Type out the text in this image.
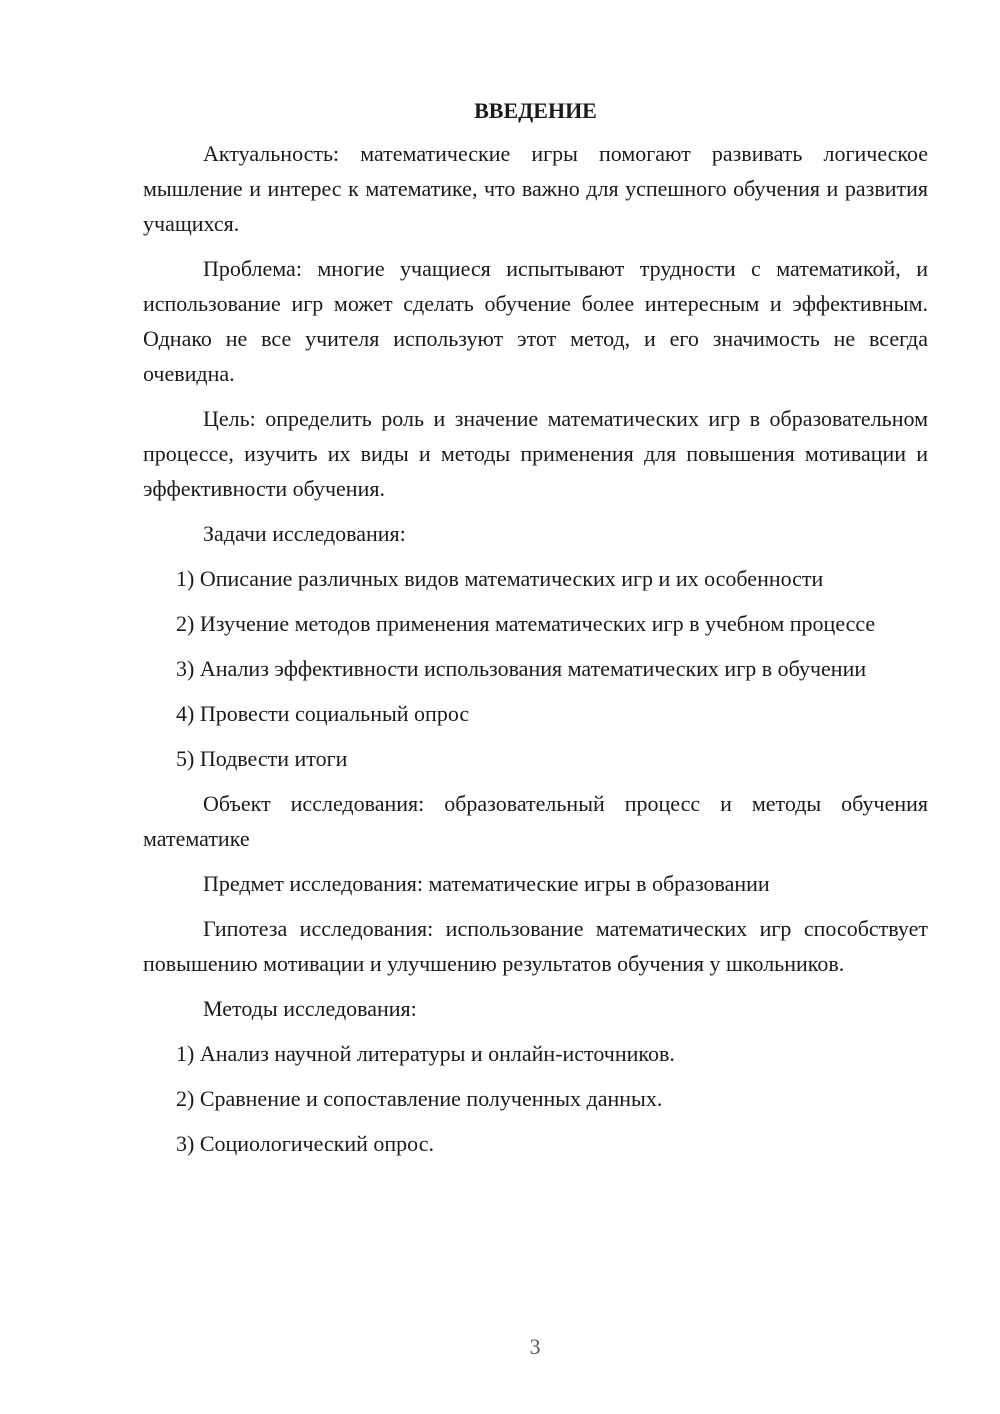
ВВЕДЕНИЕ

Актуальность: математические игры помогают развивать логическое мышление и интерес к математике, что важно для успешного обучения и развития учащихся.

Проблема: многие учащиеся испытывают трудности с математикой, и использование игр может сделать обучение более интересным и эффективным. Однако не все учителя используют этот метод, и его значимость не всегда очевидна.

Цель: определить роль и значение математических игр в образовательном процессе, изучить их виды и методы применения для повышения мотивации и эффективности обучения.

Задачи исследования:

1) Описание различных видов математических игр и их особенности

2) Изучение методов применения математических игр в учебном процессе

3) Анализ эффективности использования математических игр в обучении

4) Провести социальный опрос

5) Подвести итоги

Объект исследования: образовательный процесс и методы обучения математике

Предмет исследования: математические игры в образовании

Гипотеза исследования: использование математических игр способствует повышению мотивации и улучшению результатов обучения у школьников.

Методы исследования:

1) Анализ научной литературы и онлайн-источников.

2) Сравнение и сопоставление полученных данных.

3) Социологический опрос.

3
